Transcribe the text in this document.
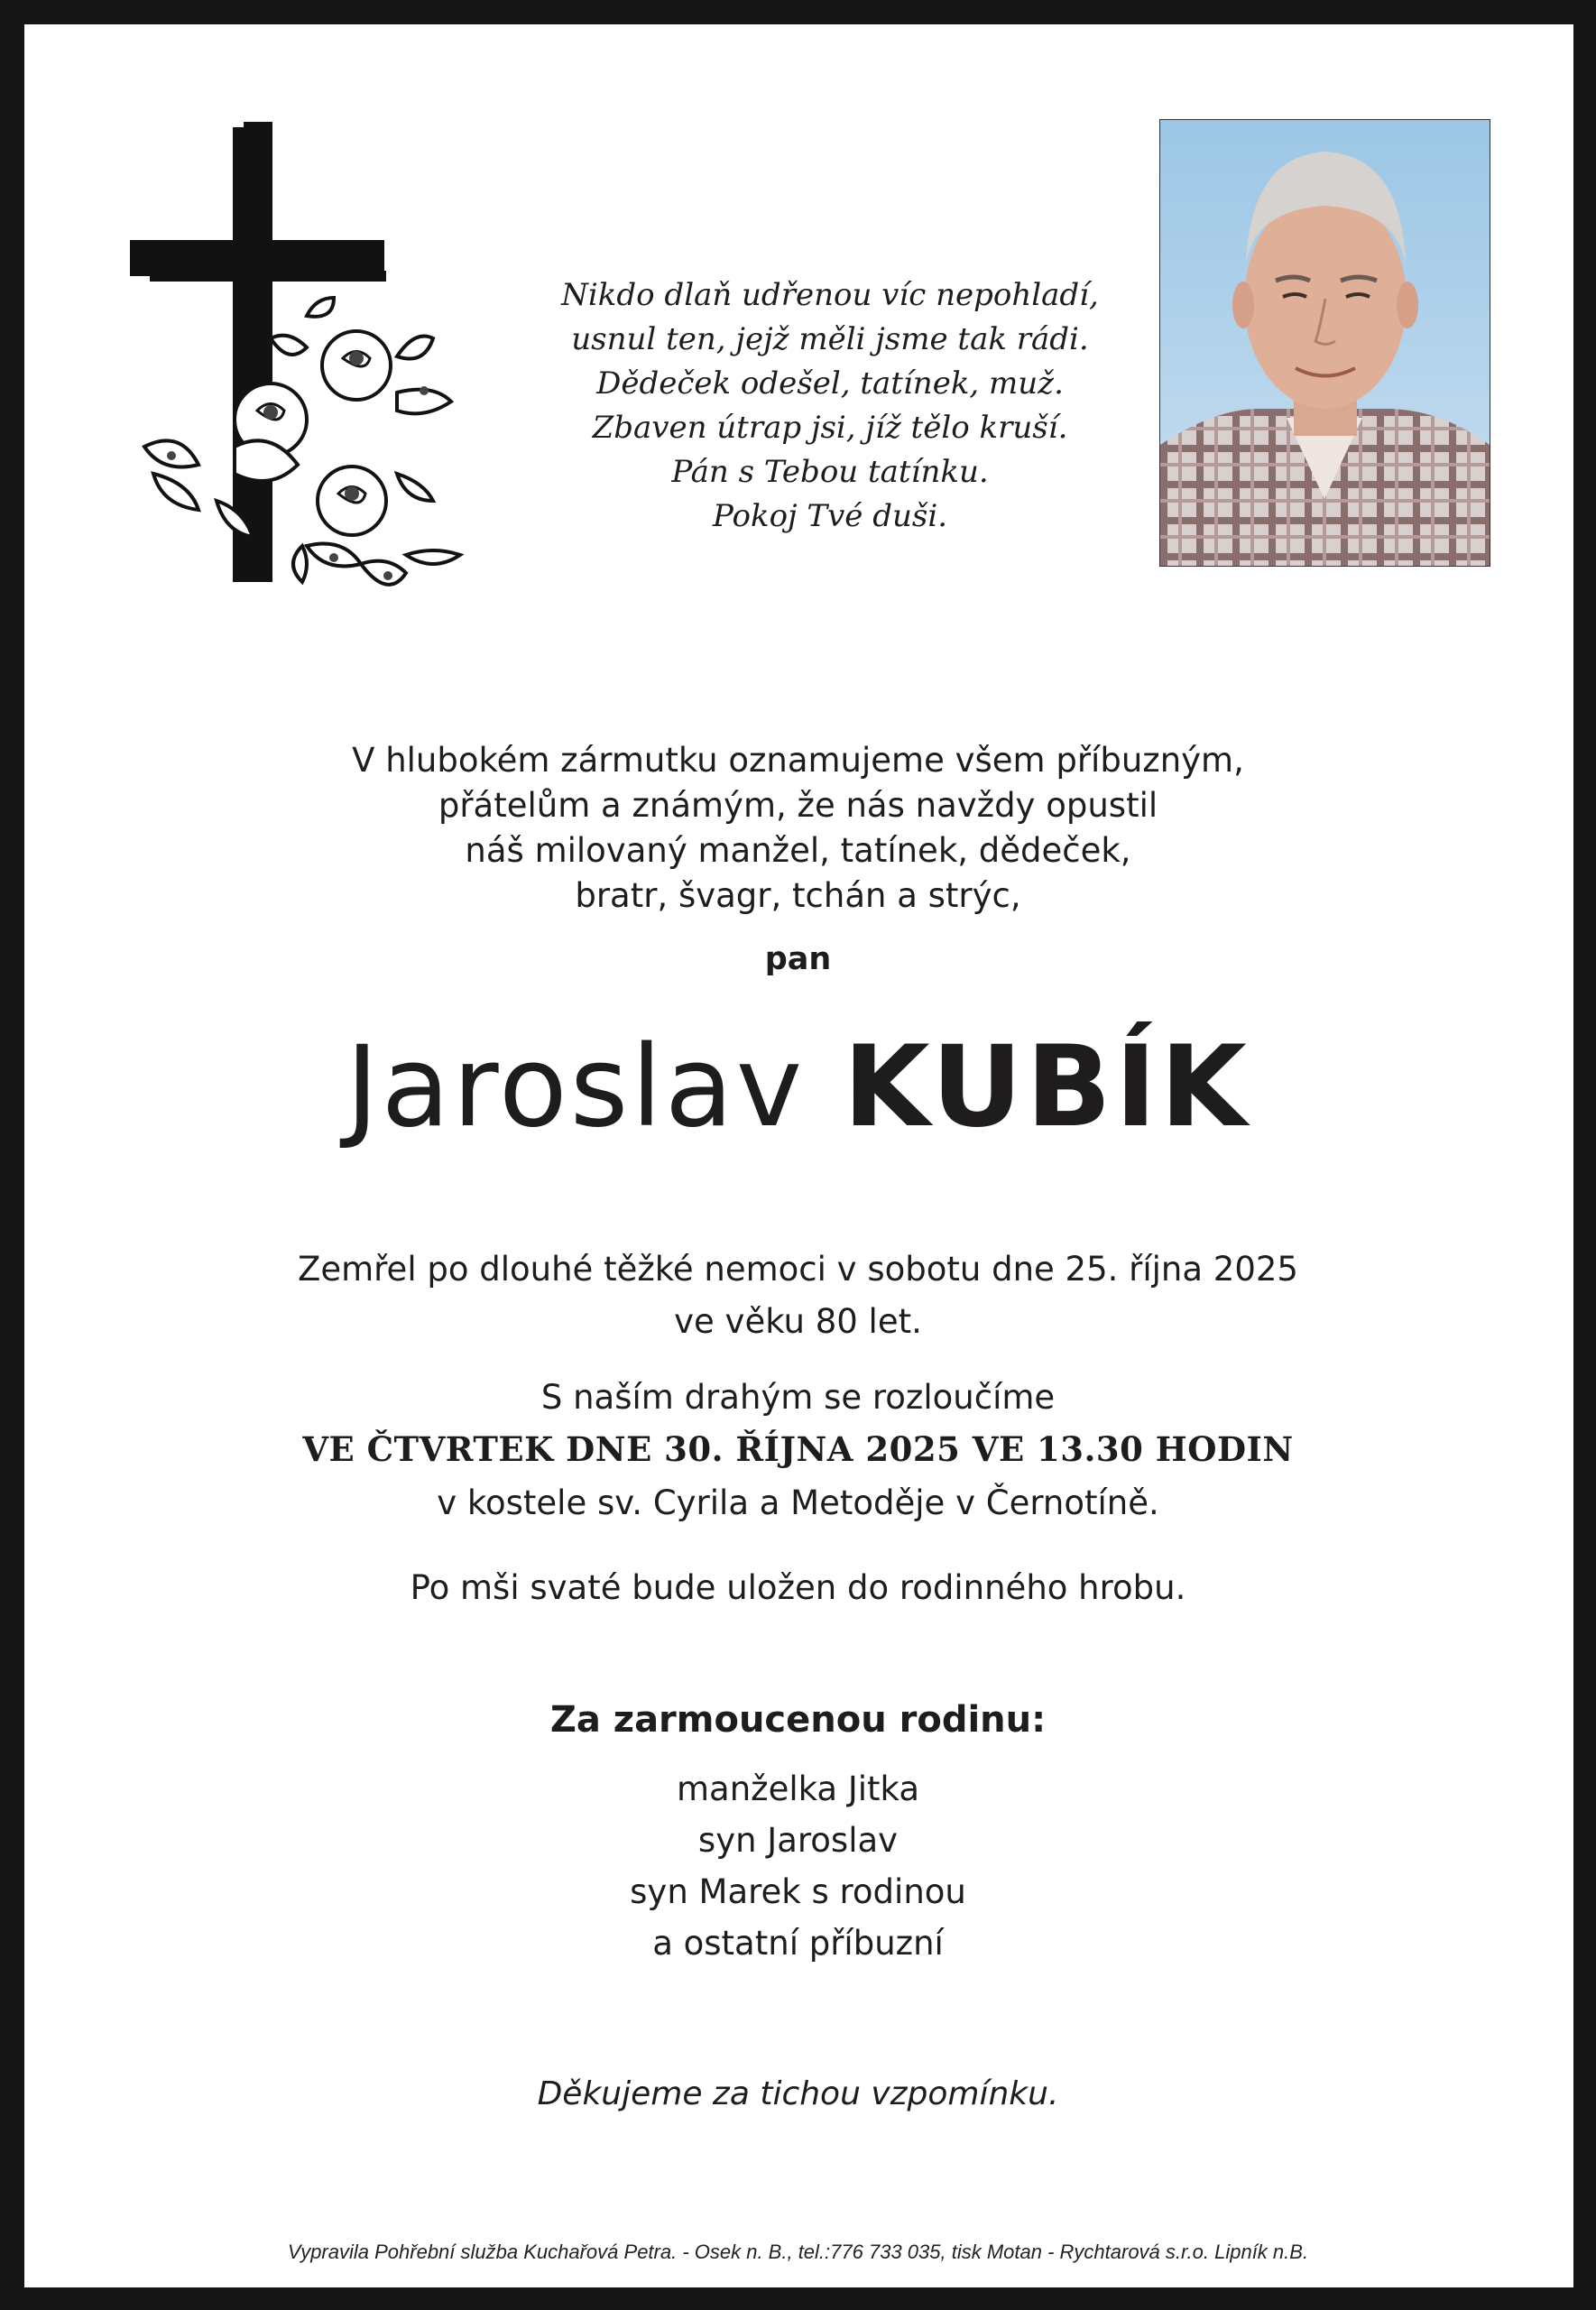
Nikdo dlaň udřenou víc nepohladí,
usnul ten, jejž měli jsme tak rádi.
Dědeček odešel, tatínek, muž.
Zbaven útrap jsi, jíž tělo kruší.
Pán s Tebou tatínku.
Pokoj Tvé duši.
V hlubokém zármutku oznamujeme všem příbuzným,
přátelům a známým, že nás navždy opustil
náš milovaný manžel, tatínek, dědeček,
bratr, švagr, tchán a strýc,
pan
Jaroslav KUBÍK
Zemřel po dlouhé těžké nemoci v sobotu dne 25. října 2025
ve věku 80 let.
S naším drahým se rozloučíme
VE ČTVRTEK DNE 30. ŘÍJNA 2025 VE 13.30 HODIN
v kostele sv. Cyrila a Metoděje v Černotíně.
Po mši svaté bude uložen do rodinného hrobu.
Za zarmoucenou rodinu:
manželka Jitka
syn Jaroslav
syn Marek s rodinou
a ostatní příbuzní
Děkujeme za tichou vzpomínku.
Vypravila Pohřební služba Kuchařová Petra. - Osek n. B., tel.:776 733 035, tisk Motan - Rychtarová s.r.o. Lipník n.B.
